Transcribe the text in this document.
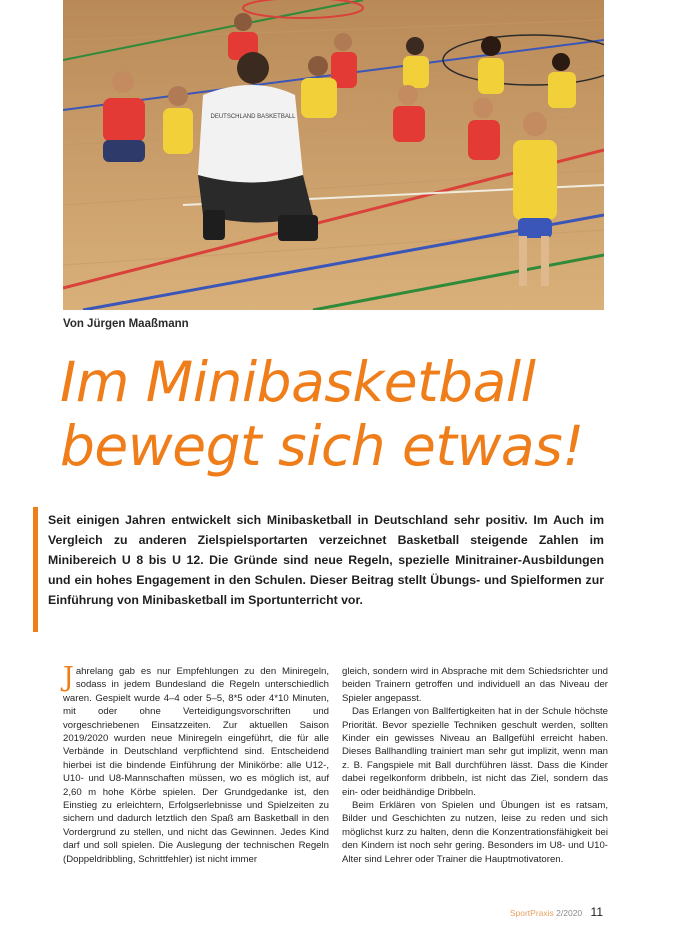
DEUTSCHLAND BASKETBALL
Von Jürgen Maaßmann
Im Minibasketball
bewegt sich etwas!
Seit einigen Jahren entwickelt sich Minibasketball in Deutschland sehr positiv. Im Auch im Vergleich zu anderen Zielspielsportarten verzeichnet Basketball steigende Zahlen im Minibereich U 8 bis U 12. Die Gründe sind neue Regeln, spezielle Minitrainer-Ausbildungen und ein hohes Engagement in den Schulen. Dieser Beitrag stellt Übungs- und Spielformen zur Einführung von Minibasketball im Sportunterricht vor.

Jahrelang gab es nur Empfehlungen zu den Miniregeln, sodass in jedem Bundesland die Regeln unterschiedlich waren. Gespielt wurde 4–4 oder 5–5, 8*5 oder 4*10 Minuten, mit oder ohne Verteidigungsvorschriften und vorgeschriebenen Einsatzzeiten. Zur aktuellen Saison 2019/2020 wurden neue Miniregeln eingeführt, die für alle Verbände in Deutschland verpflichtend sind. Entscheidend hierbei ist die bindende Einführung der Minikörbe: alle U12-, U10- und U8-Mannschaften müssen, wo es möglich ist, auf 2,60 m hohe Körbe spielen. Der Grundgedanke ist, den Einstieg zu erleichtern, Erfolgserlebnisse und Spielzeiten zu sichern und dadurch letztlich den Spaß am Basketball in den Vordergrund zu stellen, und nicht das Gewinnen. Jedes Kind darf und soll spielen. Die Auslegung der technischen Regeln (Doppeldribbling, Schrittfehler) ist nicht immer

gleich, sondern wird in Absprache mit dem Schiedsrichter und beiden Trainern getroffen und individuell an das Niveau der Spieler angepasst.

Das Erlangen von Ballfertigkeiten hat in der Schule höchste Priorität. Bevor spezielle Techniken geschult werden, sollten Kinder ein gewisses Niveau an Ballgefühl erreicht haben. Dieses Ballhandling trainiert man sehr gut implizit, wenn man z. B. Fangspiele mit Ball durchführen lässt. Dass die Kinder dabei regelkonform dribbeln, ist nicht das Ziel, sondern das ein- oder beidhändige Dribbeln.

Beim Erklären von Spielen und Übungen ist es ratsam, Bilder und Geschichten zu nutzen, leise zu reden und sich möglichst kurz zu halten, denn die Konzentrationsfähigkeit bei den Kindern ist noch sehr gering. Besonders im U8- und U10-Alter sind Lehrer oder Trainer die Hauptmotivatoren.

SportPraxis 2/2020 11
